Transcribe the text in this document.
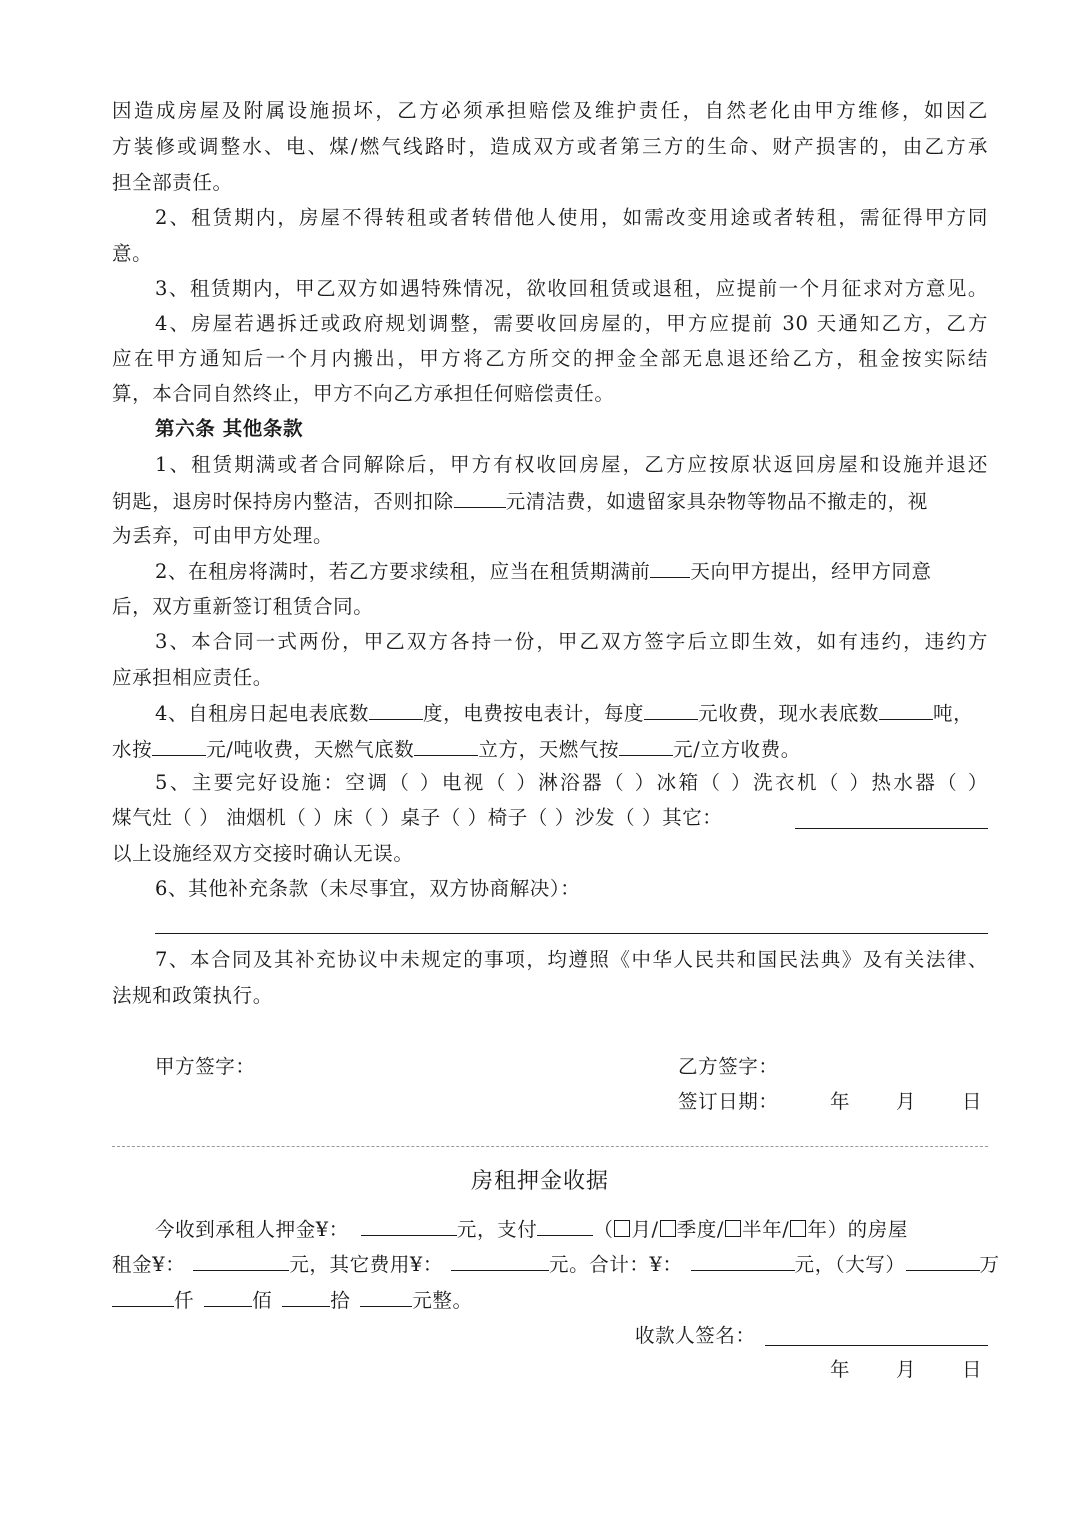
因造成房屋及附属设施损坏，乙方必须承担赔偿及维护责任，自然老化由甲方维修，如因乙
方装修或调整水、电、煤/燃气线路时，造成双方或者第三方的生命、财产损害的，由乙方承
担全部责任。
2、租赁期内，房屋不得转租或者转借他人使用，如需改变用途或者转租，需征得甲方同
意。
3、租赁期内，甲乙双方如遇特殊情况，欲收回租赁或退租，应提前一个月征求对方意见。
4、房屋若遇拆迁或政府规划调整，需要收回房屋的，甲方应提前 30 天通知乙方，乙方
应在甲方通知后一个月内搬出，甲方将乙方所交的押金全部无息退还给乙方，租金按实际结
算，本合同自然终止，甲方不向乙方承担任何赔偿责任。
第六条 其他条款
1、租赁期满或者合同解除后，甲方有权收回房屋，乙方应按原状返回房屋和设施并退还
钥匙，退房时保持房内整洁，否则扣除	元清洁费，如遗留家具杂物等物品不撤走的，视
为丢弃，可由甲方处理。
2、在租房将满时，若乙方要求续租，应当在租赁期满前 天向甲方提出，经甲方同意
后，双方重新签订租赁合同。
3、本合同一式两份，甲乙双方各持一份，甲乙双方签字后立即生效，如有违约，违约方
应承担相应责任。
4、自租房日起电表底数	度，电费按电表计，每度	元收费，现水表底数	吨，
水按	元/吨收费，天燃气底数	立方，天燃气按	元/立方收费。
5、主要完好设施：空调（ ）电视（ ）淋浴器（ ）冰箱（ ）洗衣机（ ）热水器（ ）
煤气灶（ ） 油烟机（ ）床（ ）桌子（ ）椅子（ ）沙发（ ）其它：
以上设施经双方交接时确认无误。
6、其他补充条款（未尽事宜，双方协商解决）：
7、本合同及其补充协议中未规定的事项，均遵照《中华人民共和国民法典》及有关法律、
法规和政策执行。
甲方签字：	乙方签字：
签订日期：	年 月 日
房租押金收据
今收到承租人押金¥：	元，支付	（ 月/ 季度/ 半年/ 年）的房屋
租金¥：	元，其它费用¥：	元。合计：¥：	元，（大写）	万
仟	佰	拾	元整。
收款人签名：
年 月 日
